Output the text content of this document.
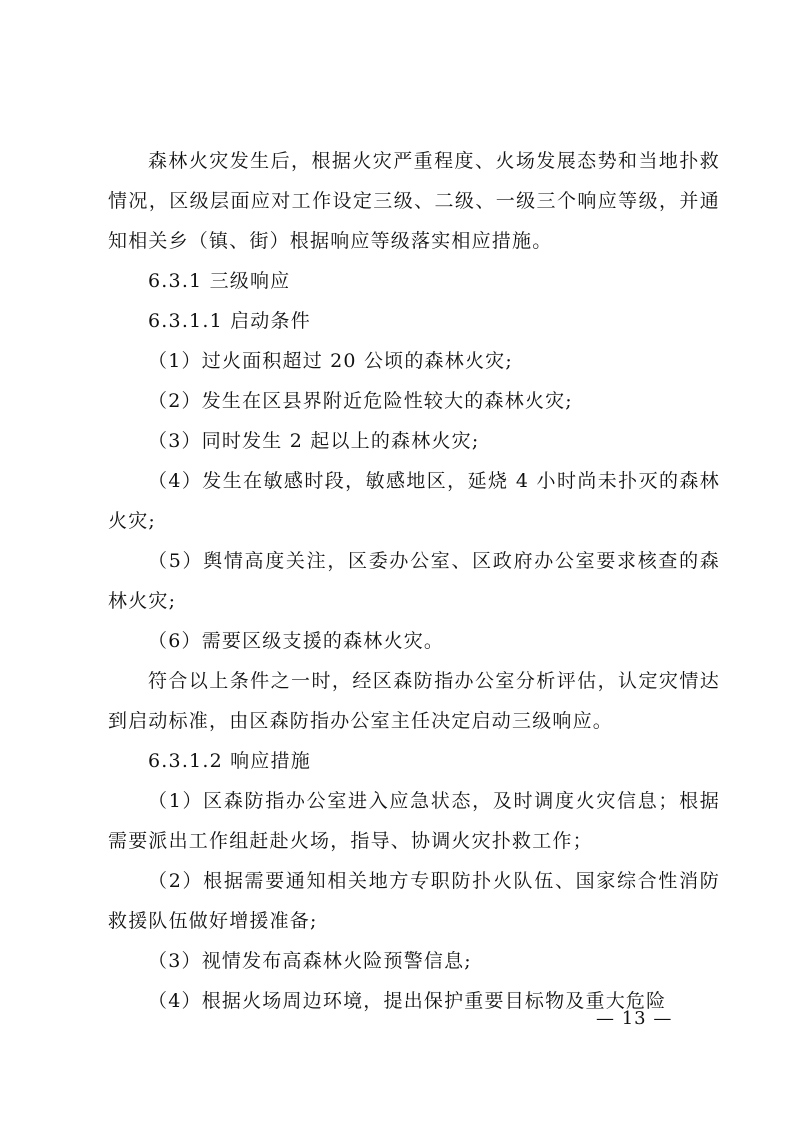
森林火灾发生后，根据火灾严重程度、火场发展态势和当地扑救情况，区级层面应对工作设定三级、二级、一级三个响应等级，并通知相关乡（镇、街）根据响应等级落实相应措施。

6.3.1 三级响应

6.3.1.1 启动条件

（1）过火面积超过 20 公顷的森林火灾;

（2）发生在区县界附近危险性较大的森林火灾;

（3）同时发生 2 起以上的森林火灾;

（4）发生在敏感时段，敏感地区，延烧 4 小时尚未扑灭的森林火灾;

（5）舆情高度关注，区委办公室、区政府办公室要求核查的森林火灾;

（6）需要区级支援的森林火灾。

符合以上条件之一时，经区森防指办公室分析评估，认定灾情达到启动标准，由区森防指办公室主任决定启动三级响应。

6.3.1.2 响应措施

（1）区森防指办公室进入应急状态，及时调度火灾信息；根据需要派出工作组赶赴火场，指导、协调火灾扑救工作；

（2）根据需要通知相关地方专职防扑火队伍、国家综合性消防救援队伍做好增援准备;

（3）视情发布高森林火险预警信息;

（4）根据火场周边环境，提出保护重要目标物及重大危险

— 13 —
